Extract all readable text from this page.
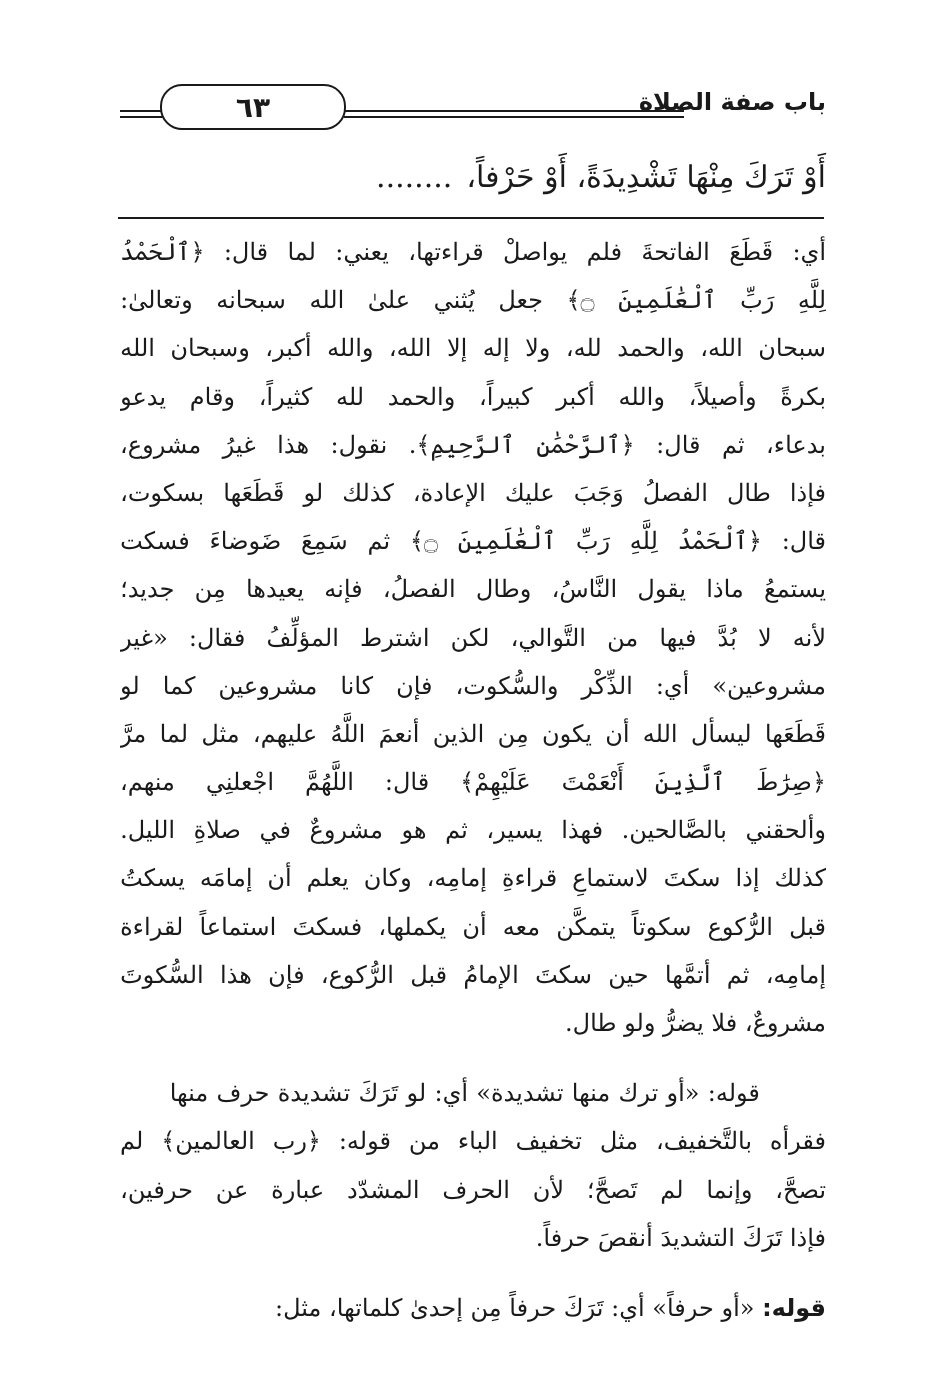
٦٣	باب صفة الصلاة
أَوْ تَرَكَ مِنْهَا تَشْدِيدَةً، أَوْ حَرْفاً،........
أي:
قَطَعَ
الفاتحةَ
فلم
يواصلْ
قراءتها،
يعني:
لما
قال:
﴿ٱلْحَمْدُ
لِلَّهِ
رَبِّ
ٱلْعَٰلَمِينَ
۝﴾
جعل
يُثني
علىٰ
الله
سبحانه
وتعالىٰ:
سبحان
الله،
والحمد
لله،
ولا
إله
إلا
الله،
والله
أكبر،
وسبحان
الله
بكرةً
وأصيلاً،
والله
أكبر
كبيراً،
والحمد
لله
كثيراً،
وقام
يدعو
بدعاء،
ثم
قال:
﴿ٱلرَّحْمَٰنِ
ٱلرَّحِيمِ﴾.
نقول:
هذا
غيرُ
مشروع،
فإذا
طال
الفصلُ
وَجَبَ
عليك
الإعادة،
كذلك
لو
قَطَعَها
بسكوت،
قال:
﴿ٱلْحَمْدُ
لِلَّهِ
رَبِّ
ٱلْعَٰلَمِينَ
۝﴾
ثم
سَمِعَ
ضَوضاءَ
فسكت
يستمعُ
ماذا
يقول
النَّاسُ،
وطال
الفصلُ،
فإنه
يعيدها
مِن
جديد؛
لأنه
لا
بُدَّ
فيها
من
التَّوالي،
لكن
اشترط
المؤلِّفُ
فقال:
«غير
مشروعين»
أي:
الذِّكْر
والسُّكوت،
فإن
كانا
مشروعين
كما
لو
قَطَعَها
ليسأل
الله
أن
يكون
مِن
الذين
أنعمَ
اللَّهُ
عليهم،
مثل
لما
مرَّ
﴿صِرَٰطَ
ٱلَّذِينَ
أَنْعَمْتَ
عَلَيْهِمْ﴾
قال:
اللَّهُمَّ
اجْعلنِي
منهم،
وألحقني
بالصَّالحين.
فهذا
يسير،
ثم
هو
مشروعٌ
في
صلاةِ
الليل.
كذلك
إذا
سكتَ
لاستماعِ
قراءةِ
إمامِه،
وكان
يعلم
أن
إمامَه
يسكتُ
قبل
الرُّكوع
سكوتاً
يتمكَّن
معه
أن
يكملها،
فسكتَ
استماعاً
لقراءة
إمامِه،
ثم
أتمَّها
حين
سكتَ
الإمامُ
قبل
الرُّكوع،
فإن
هذا
السُّكوتَ
مشروعٌ، فلا يضرُّ ولو طال.
قوله:
«أو
ترك
منها
تشديدة»
أي:
لو
تَرَكَ
تشديدة
حرف
منها
فقرأه
بالتَّخفيف،
مثل
تخفيف
الباء
من
قوله:
﴿رب
العالمين﴾
لم
تصحَّ،
وإنما
لم
تَصحَّ؛
لأن
الحرف
المشدّد
عبارة
عن
حرفين،
فإذا تَرَكَ التشديدَ أنقصَ حرفاً.
قوله: «أو حرفاً» أي: تَرَكَ حرفاً مِن إحدىٰ كلماتها، مثل:
